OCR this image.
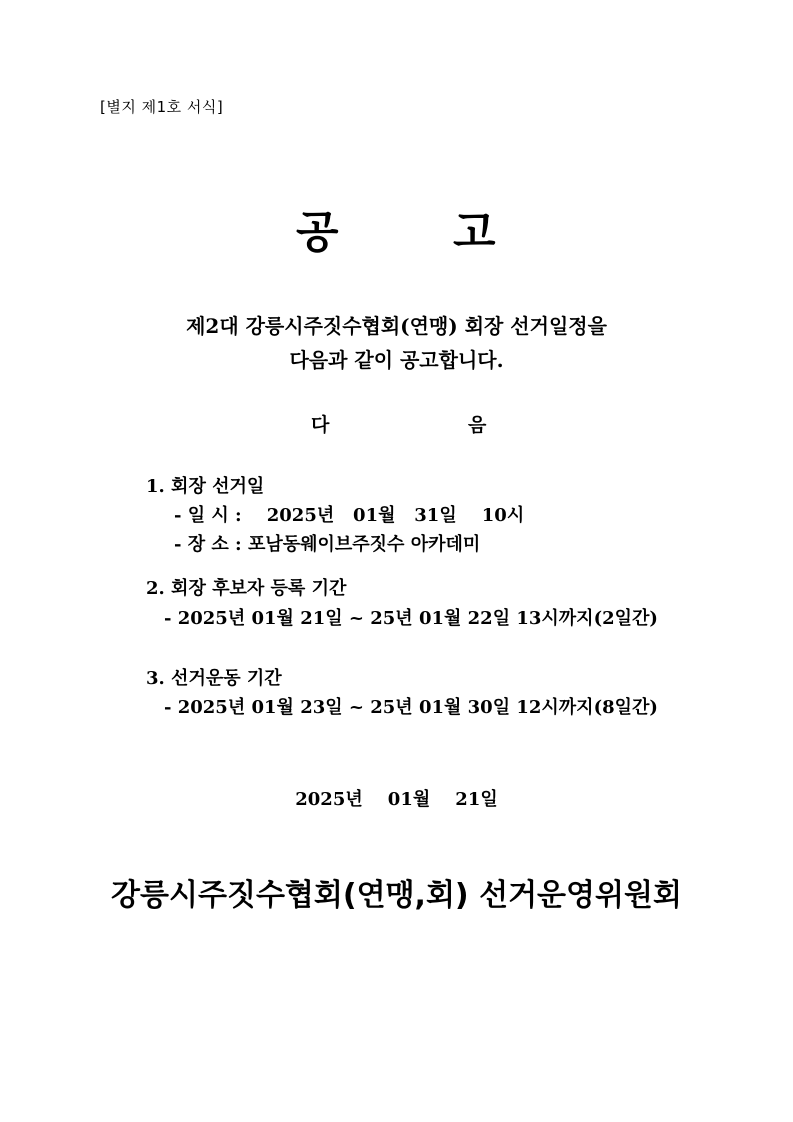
[별지 제1호 서식]
공	고
제2대 강릉시주짓수협회(연맹) 회장 선거일정을
다음과 같이 공고합니다.
다	음
1. 회장 선거일
- 일 시 :    2025년   01월   31일    10시
- 장 소 : 포남동웨이브주짓수 아카데미
2. 회장 후보자 등록 기간
- 2025년 01월 21일 ~ 25년 01월 22일 13시까지(2일간)
3. 선거운동 기간
- 2025년 01월 23일 ~ 25년 01월 30일 12시까지(8일간)
2025년    01월    21일
강릉시주짓수협회(연맹,회) 선거운영위원회
